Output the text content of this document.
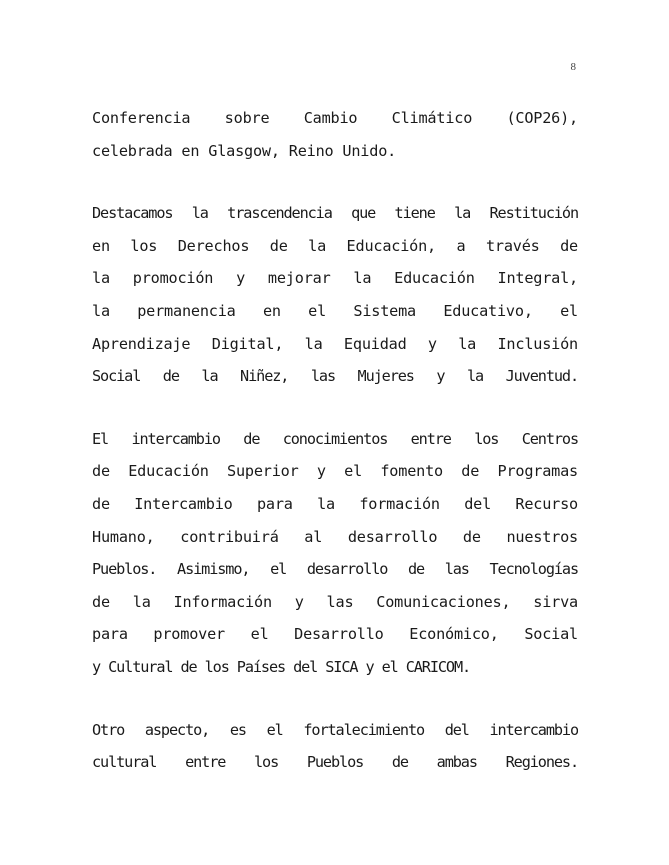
8
Conferencia sobre Cambio Climático (COP26),
celebrada en Glasgow, Reino Unido.
Destacamos la trascendencia que tiene la Restitución
en los Derechos de la Educación, a través de
la promoción y mejorar la Educación Integral,
la permanencia en el Sistema Educativo, el
Aprendizaje Digital, la Equidad y la Inclusión
Social de la Niñez, las Mujeres y la Juventud.
El intercambio de conocimientos entre los Centros
de Educación Superior y el fomento de Programas
de Intercambio para la formación del Recurso
Humano, contribuirá al desarrollo de nuestros
Pueblos. Asimismo, el desarrollo de las Tecnologías
de la Información y las Comunicaciones, sirva
para promover el Desarrollo Económico, Social
y Cultural de los Países del SICA y el CARICOM.
Otro aspecto, es el fortalecimiento del intercambio
cultural entre los Pueblos de ambas Regiones.
